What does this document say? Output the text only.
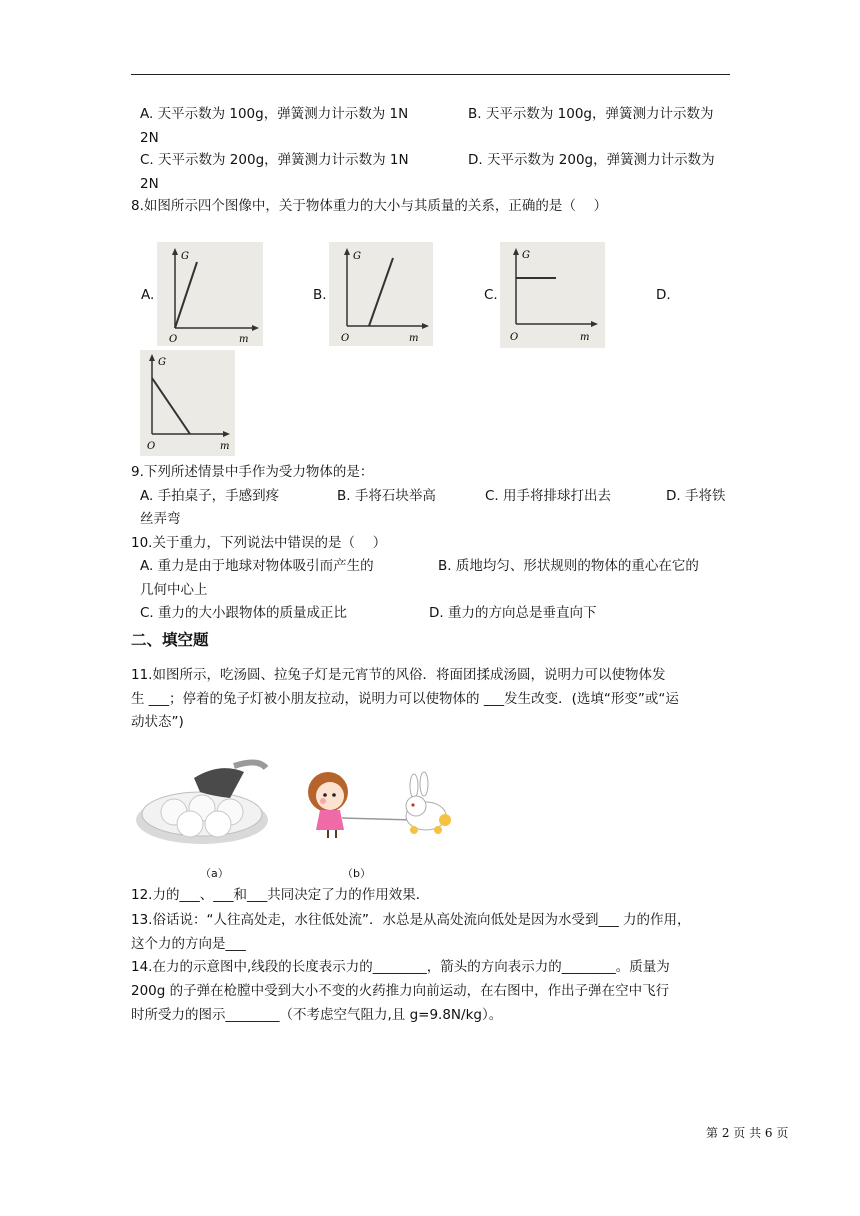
A. 天平示数为 100g，弹簧测力计示数为 1N	B. 天平示数为 100g，弹簧测力计示数为
2N
C. 天平示数为 200g，弹簧测力计示数为 1N	D. 天平示数为 200g，弹簧测力计示数为
2N
8.如图所示四个图像中，关于物体重力的大小与其质量的关系，正确的是（　 ）
A.	B.	C.	D.
G
O	m
G
O	m
G
O	m
G
O	m
9.下列所述情景中手作为受力物体的是：
A. 手拍桌子，手感到疼	B. 手将石块举高	C. 用手将排球打出去	D. 手将铁
丝弄弯
10.关于重力，下列说法中错误的是（　 ）
A. 重力是由于地球对物体吸引而产生的	B. 质地均匀、形状规则的物体的重心在它的
几何中心上
C. 重力的大小跟物体的质量成正比	D. 重力的方向总是垂直向下
二、填空题
11.如图所示，吃汤圆、拉兔子灯是元宵节的风俗．将面团揉成汤圆，说明力可以使物体发
生 ___；停着的兔子灯被小朋友拉动，说明力可以使物体的 ___发生改变．(选填“形变”或“运
动状态”)
（a）	（b）
12.力的___、___和___共同决定了力的作用效果．
13.俗话说：“人往高处走，水往低处流”．水总是从高处流向低处是因为水受到___ 力的作用，
这个力的方向是___
14.在力的示意图中,线段的长度表示力的________，箭头的方向表示力的________。质量为
200g 的子弹在枪膛中受到大小不变的火药推力向前运动，在右图中，作出子弹在空中飞行
时所受力的图示________（不考虑空气阻力,且 g=9.8N/kg）。
第 2 页 共 6 页
